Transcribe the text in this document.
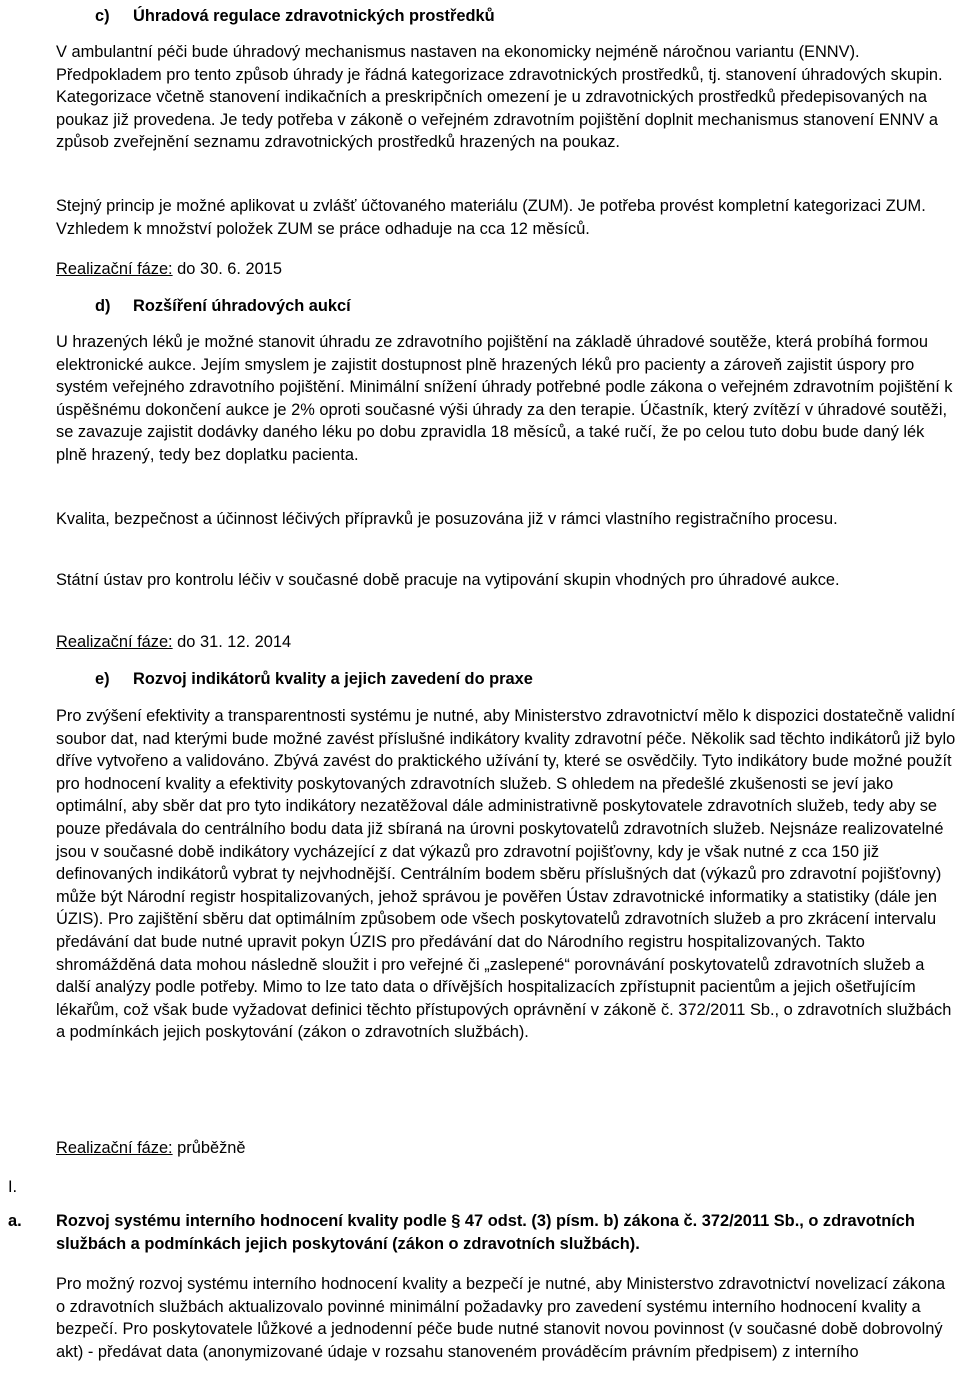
c) Úhradová regulace zdravotnických prostředků
V ambulantní péči bude úhradový mechanismus nastaven na ekonomicky nejméně náročnou variantu (ENNV). Předpokladem pro tento způsob úhrady je řádná kategorizace zdravotnických prostředků, tj. stanovení úhradových skupin. Kategorizace včetně stanovení indikačních a preskripčních omezení je u zdravotnických prostředků předepisovaných na poukaz již provedena. Je tedy potřeba v zákoně o veřejném zdravotním pojištění doplnit mechanismus stanovení ENNV a způsob zveřejnění seznamu zdravotnických prostředků hrazených na poukaz.
Stejný princip je možné aplikovat u zvlášť účtovaného materiálu (ZUM). Je potřeba provést kompletní kategorizaci ZUM. Vzhledem k množství položek ZUM se práce odhaduje na cca 12 měsíců.
Realizační fáze: do 30. 6. 2015
d) Rozšíření úhradových aukcí
U hrazených léků je možné stanovit úhradu ze zdravotního pojištění na základě úhradové soutěže, která probíhá formou elektronické aukce. Jejím smyslem je zajistit dostupnost plně hrazených léků pro pacienty a zároveň zajistit úspory pro systém veřejného zdravotního pojištění. Minimální snížení úhrady potřebné podle zákona o veřejném zdravotním pojištění k úspěšnému dokončení aukce je 2% oproti současné výši úhrady za den terapie. Účastník, který zvítězí v úhradové soutěži, se zavazuje zajistit dodávky daného léku po dobu zpravidla 18 měsíců, a také ručí, že po celou tuto dobu bude daný lék plně hrazený, tedy bez doplatku pacienta.
Kvalita, bezpečnost a účinnost léčivých přípravků je posuzována již v rámci vlastního registračního procesu.
Státní ústav pro kontrolu léčiv v současné době pracuje na vytipování skupin vhodných pro úhradové aukce.
Realizační fáze: do 31. 12. 2014
e) Rozvoj indikátorů kvality a jejich zavedení do praxe
Pro zvýšení efektivity a transparentnosti systému je nutné, aby Ministerstvo zdravotnictví mělo k dispozici dostatečně validní soubor dat, nad kterými bude možné zavést příslušné indikátory kvality zdravotní péče. Několik sad těchto indikátorů již bylo dříve vytvořeno a validováno. Zbývá zavést do praktického užívání ty, které se osvědčily. Tyto indikátory bude možné použít pro hodnocení kvality a efektivity poskytovaných zdravotních služeb. S ohledem na předešlé zkušenosti se jeví jako optimální, aby sběr dat pro tyto indikátory nezatěžoval dále administrativně poskytovatele zdravotních služeb, tedy aby se pouze předávala do centrálního bodu data již sbíraná na úrovni poskytovatelů zdravotních služeb. Nejsnáze realizovatelné jsou v současné době indikátory vycházející z dat výkazů pro zdravotní pojišťovny, kdy je však nutné z cca 150 již definovaných indikátorů vybrat ty nejvhodnější. Centrálním bodem sběru příslušných dat (výkazů pro zdravotní pojišťovny) může být Národní registr hospitalizovaných, jehož správou je pověřen Ústav zdravotnické informatiky a statistiky (dále jen ÚZIS). Pro zajištění sběru dat optimálním způsobem ode všech poskytovatelů zdravotních služeb a pro zkrácení intervalu předávání dat bude nutné upravit pokyn ÚZIS pro předávání dat do Národního registru hospitalizovaných. Takto shromážděná data mohou následně sloužit i pro veřejné či „zaslepené“ porovnávání poskytovatelů zdravotních služeb a další analýzy podle potřeby. Mimo to lze tato data o dřívějších hospitalizacích zpřístupnit pacientům a jejich ošetřujícím lékařům, což však bude vyžadovat definici těchto přístupových oprávnění v zákoně č. 372/2011 Sb., o zdravotních službách a podmínkách jejich poskytování (zákon o zdravotních službách).
Realizační fáze: průběžně
I.
a. Rozvoj systému interního hodnocení kvality podle § 47 odst. (3) písm. b) zákona č. 372/2011 Sb., o zdravotních službách a podmínkách jejich poskytování (zákon o zdravotních službách).
Pro možný rozvoj systému interního hodnocení kvality a bezpečí je nutné, aby Ministerstvo zdravotnictví novelizací zákona o zdravotních službách aktualizovalo povinné minimální požadavky pro zavedení systému interního hodnocení kvality a bezpečí. Pro poskytovatele lůžkové a jednodenní péče bude nutné stanovit novou povinnost (v současné době dobrovolný akt) - předávat data (anonymizované údaje v rozsahu stanoveném prováděcím právním předpisem) z interního
